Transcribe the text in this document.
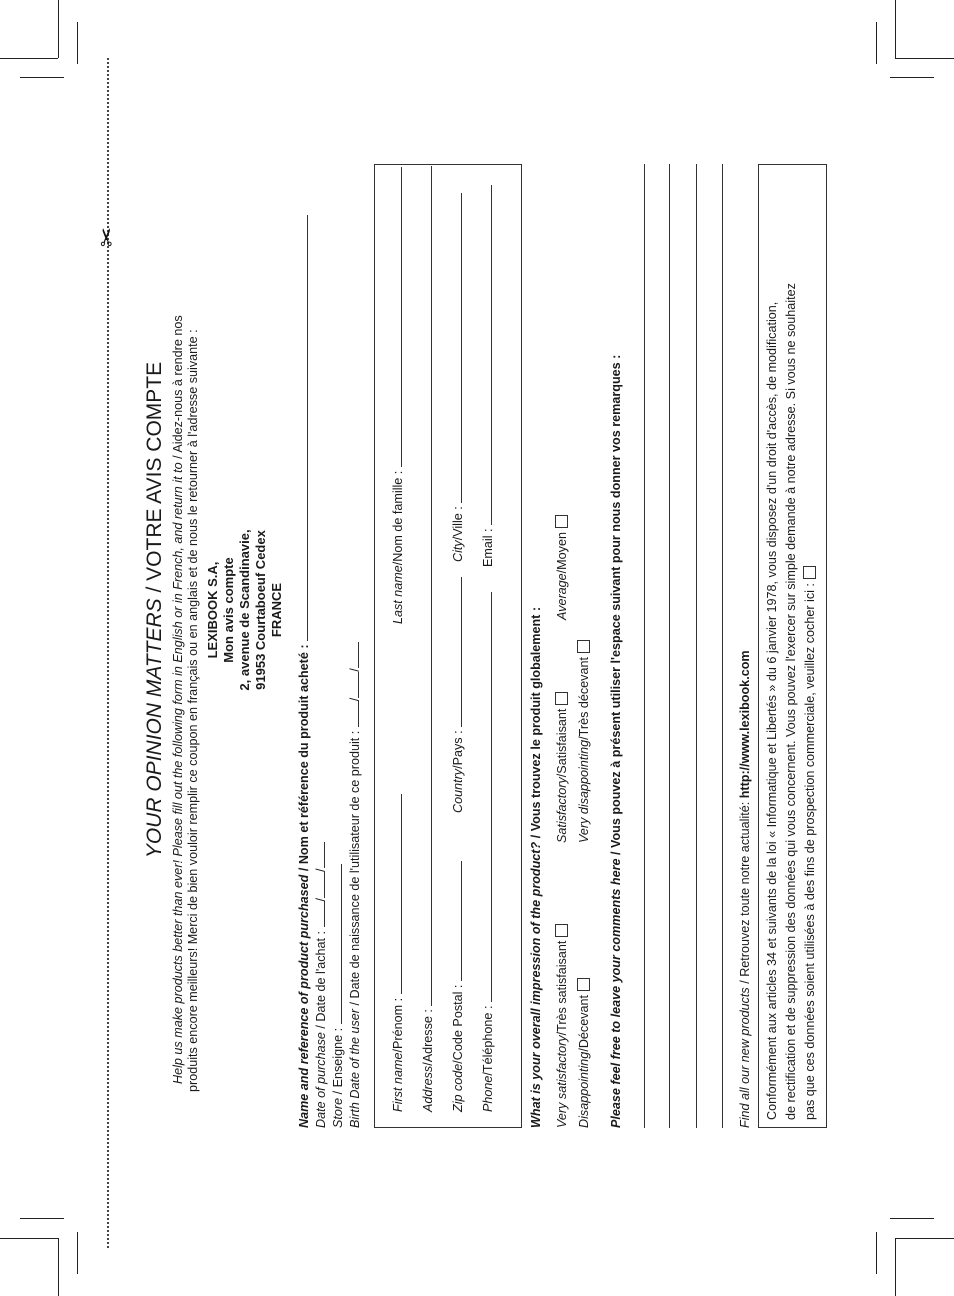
✂
YOUR OPINION MATTERS / VOTRE AVIS COMPTE Help us make products better than ever! Please fill out the following form in English or in French, and return it to / Aidez-nous à rendre nos produits encore meilleurs! Merci de bien vouloir remplir ce coupon en français ou en anglais et de nous le retourner à l'adresse suivante : LEXIBOOK S.A, Mon avis compte 2, avenue de Scandinavie, 91953 Courtaboeuf Cedex FRANCE
Name and reference of product purchased / Nom et référence du produit acheté :
Date of purchase / Date de l'achat : //
Store / Enseigne : Birth Date of the user / Date de naissance de l'utilisateur de ce produit : //
First name/Prénom :
Last name/Nom de famille :
Address/Adresse :
Zip code/Code Postal :
Country/Pays :
City/Ville :
Phone/Téléphone :
Email :
What is your overall impression of the product? / Vous trouvez le produit globalement :
Very satisfactory/Très satisfaisant
Satisfactory/Satisfaisant
Average/Moyen
Disappointing/Décevant
Very disappointing/Très décevant
Please feel free to leave your comments here / Vous pouvez à présent utiliser l'espace suivant pour nous donner vos remarques :
Find all our new products / Retrouvez toute notre actualité: http://www.lexibook.com Conformément aux articles 34 et suivants de la loi « Informatique et Libertés » du 6 janvier 1978, vous disposez d'un droit d'accès, de modification, de rectification et de suppression des données qui vous concernent. Vous pouvez l'exercer sur simple demande à notre adresse. Si vous ne souhaitez pas que ces données soient utilisées à des fins de prospection commerciale, veuillez cocher ici :
